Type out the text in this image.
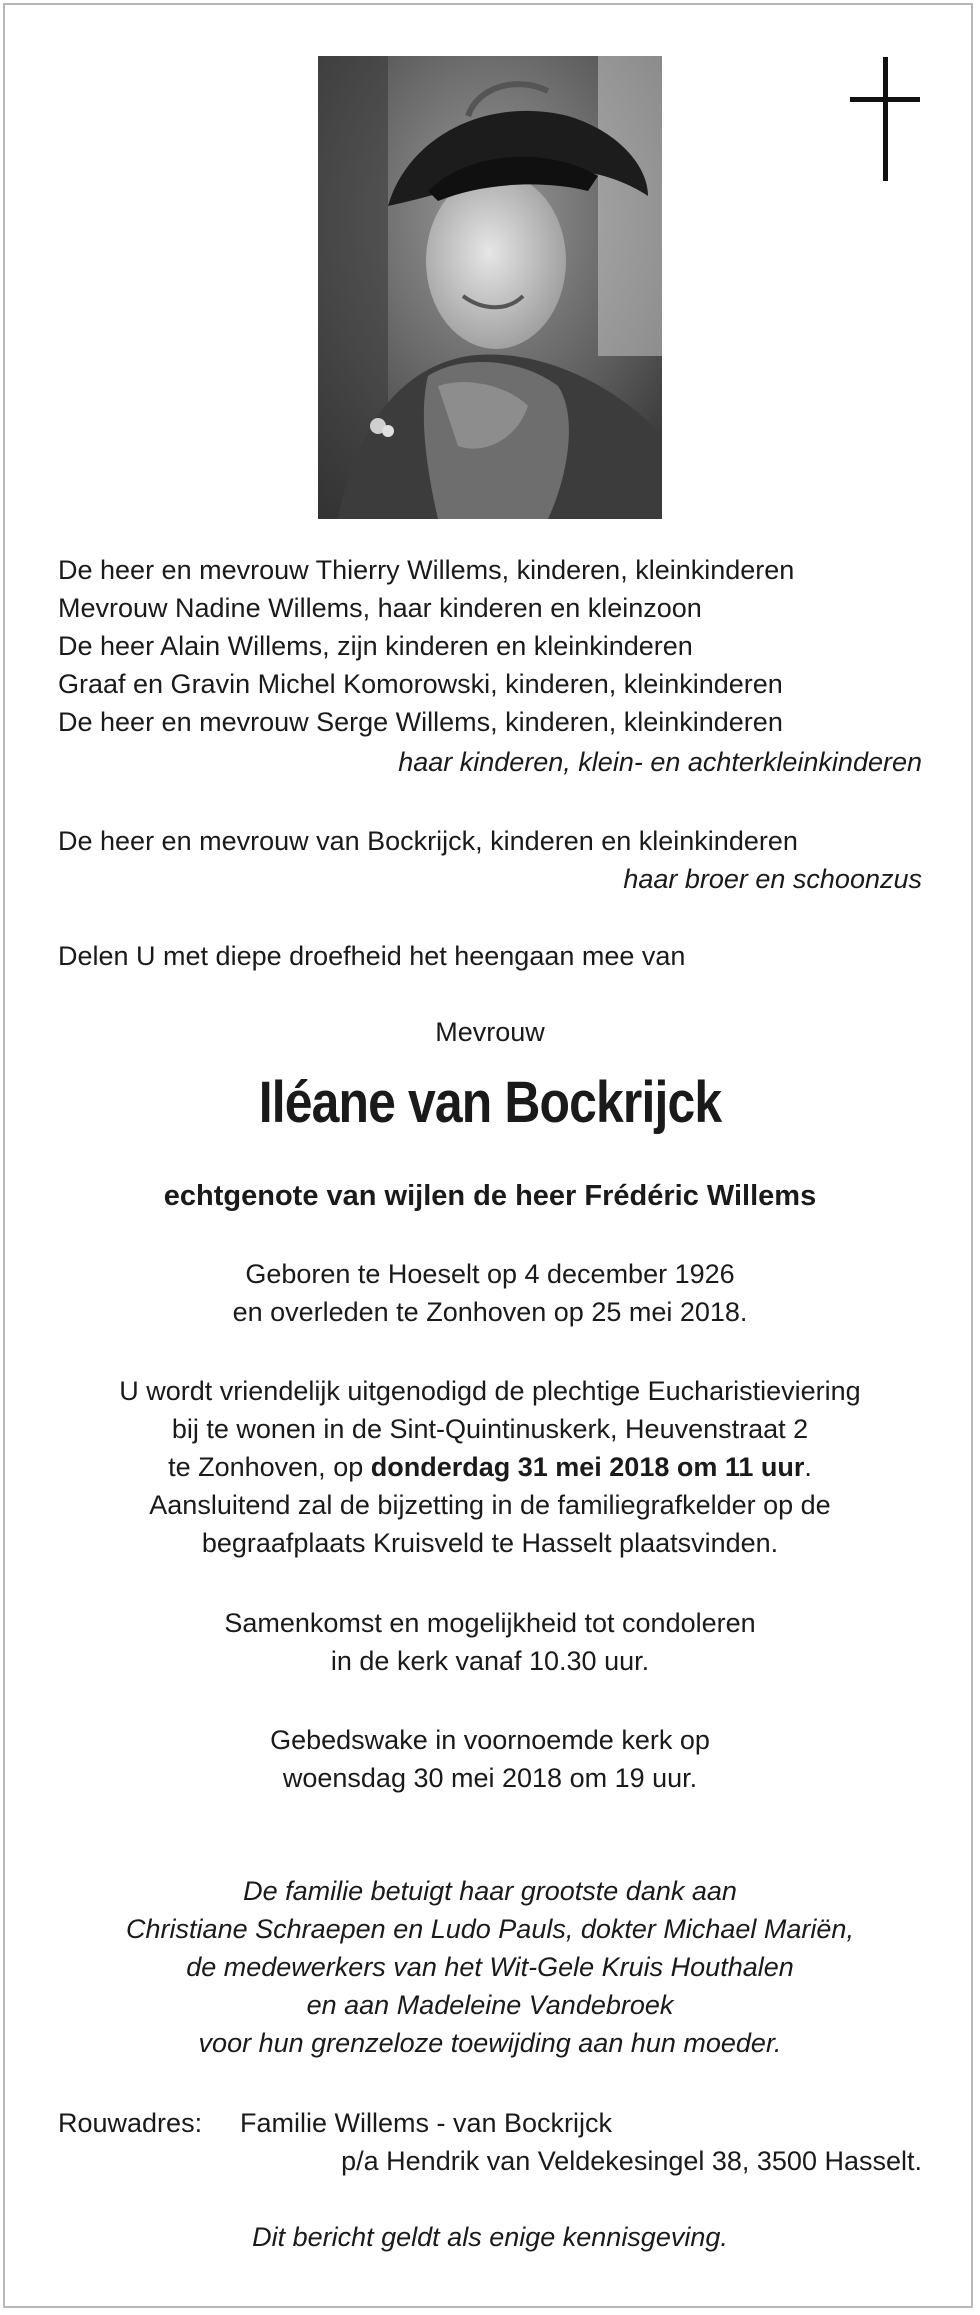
De heer en mevrouw Thierry Willems, kinderen, kleinkinderen
Mevrouw Nadine Willems, haar kinderen en kleinzoon
De heer Alain Willems, zijn kinderen en kleinkinderen
Graaf en Gravin Michel Komorowski, kinderen, kleinkinderen
De heer en mevrouw Serge Willems, kinderen, kleinkinderen
haar kinderen, klein- en achterkleinkinderen
De heer en mevrouw van Bockrijck, kinderen en kleinkinderen
haar broer en schoonzus
Delen U met diepe droefheid het heengaan mee van
Mevrouw
Iléane van Bockrijck
echtgenote van wijlen de heer Frédéric Willems
Geboren te Hoeselt op 4 december 1926
en overleden te Zonhoven op 25 mei 2018.
U wordt vriendelijk uitgenodigd de plechtige Eucharistieviering
bij te wonen in de Sint-Quintinuskerk, Heuvenstraat 2
te Zonhoven, op donderdag 31 mei 2018 om 11 uur.
Aansluitend zal de bijzetting in de familiegrafkelder op de
begraafplaats Kruisveld te Hasselt plaatsvinden.
Samenkomst en mogelijkheid tot condoleren
in de kerk vanaf 10.30 uur.
Gebedswake in voornoemde kerk op
woensdag 30 mei 2018 om 19 uur.
De familie betuigt haar grootste dank aan
Christiane Schraepen en Ludo Pauls, dokter Michael Mariën,
de medewerkers van het Wit-Gele Kruis Houthalen
en aan Madeleine Vandebroek
voor hun grenzeloze toewijding aan hun moeder.
Rouwadres: Familie Willems - van Bockrijck
p/a Hendrik van Veldekesingel 38, 3500 Hasselt.
Dit bericht geldt als enige kennisgeving.
